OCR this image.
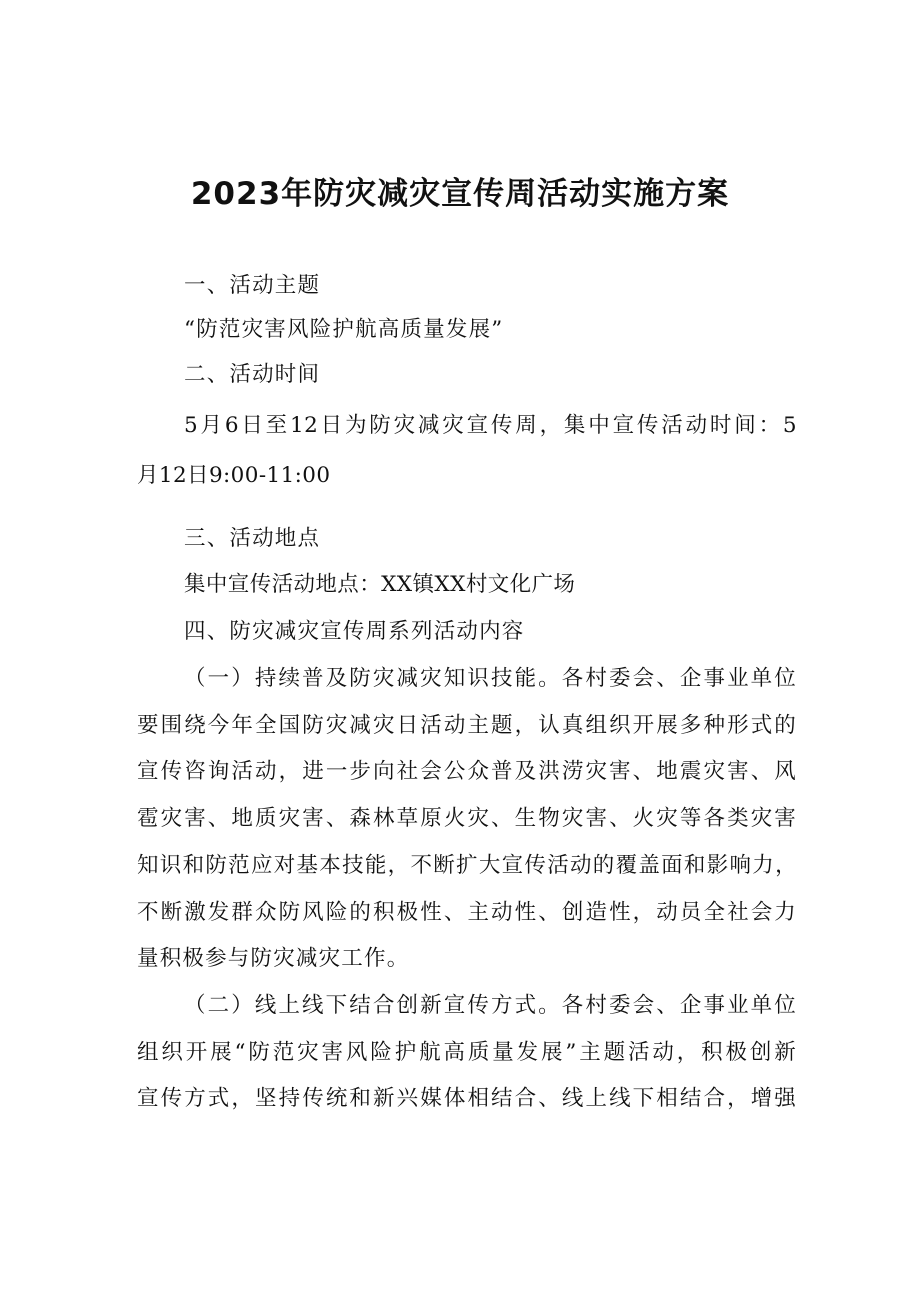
2023年防灾减灾宣传周活动实施方案

一、活动主题

“防范灾害风险护航高质量发展”

二、活动时间

5月6日至12日为防灾减灾宣传周，集中宣传活动时间：5

月12日9:00-11:00

三、活动地点

集中宣传活动地点：XX镇XX村文化广场

四、防灾减灾宣传周系列活动内容

（一）持续普及防灾减灾知识技能。各村委会、企事业单位

要围绕今年全国防灾减灾日活动主题，认真组织开展多种形式的

宣传咨询活动，进一步向社会公众普及洪涝灾害、地震灾害、风

雹灾害、地质灾害、森林草原火灾、生物灾害、火灾等各类灾害

知识和防范应对基本技能，不断扩大宣传活动的覆盖面和影响力，

不断激发群众防风险的积极性、主动性、创造性，动员全社会力

量积极参与防灾减灾工作。

（二）线上线下结合创新宣传方式。各村委会、企事业单位

组织开展“防范灾害风险护航高质量发展”主题活动，积极创新

宣传方式，坚持传统和新兴媒体相结合、线上线下相结合，增强
